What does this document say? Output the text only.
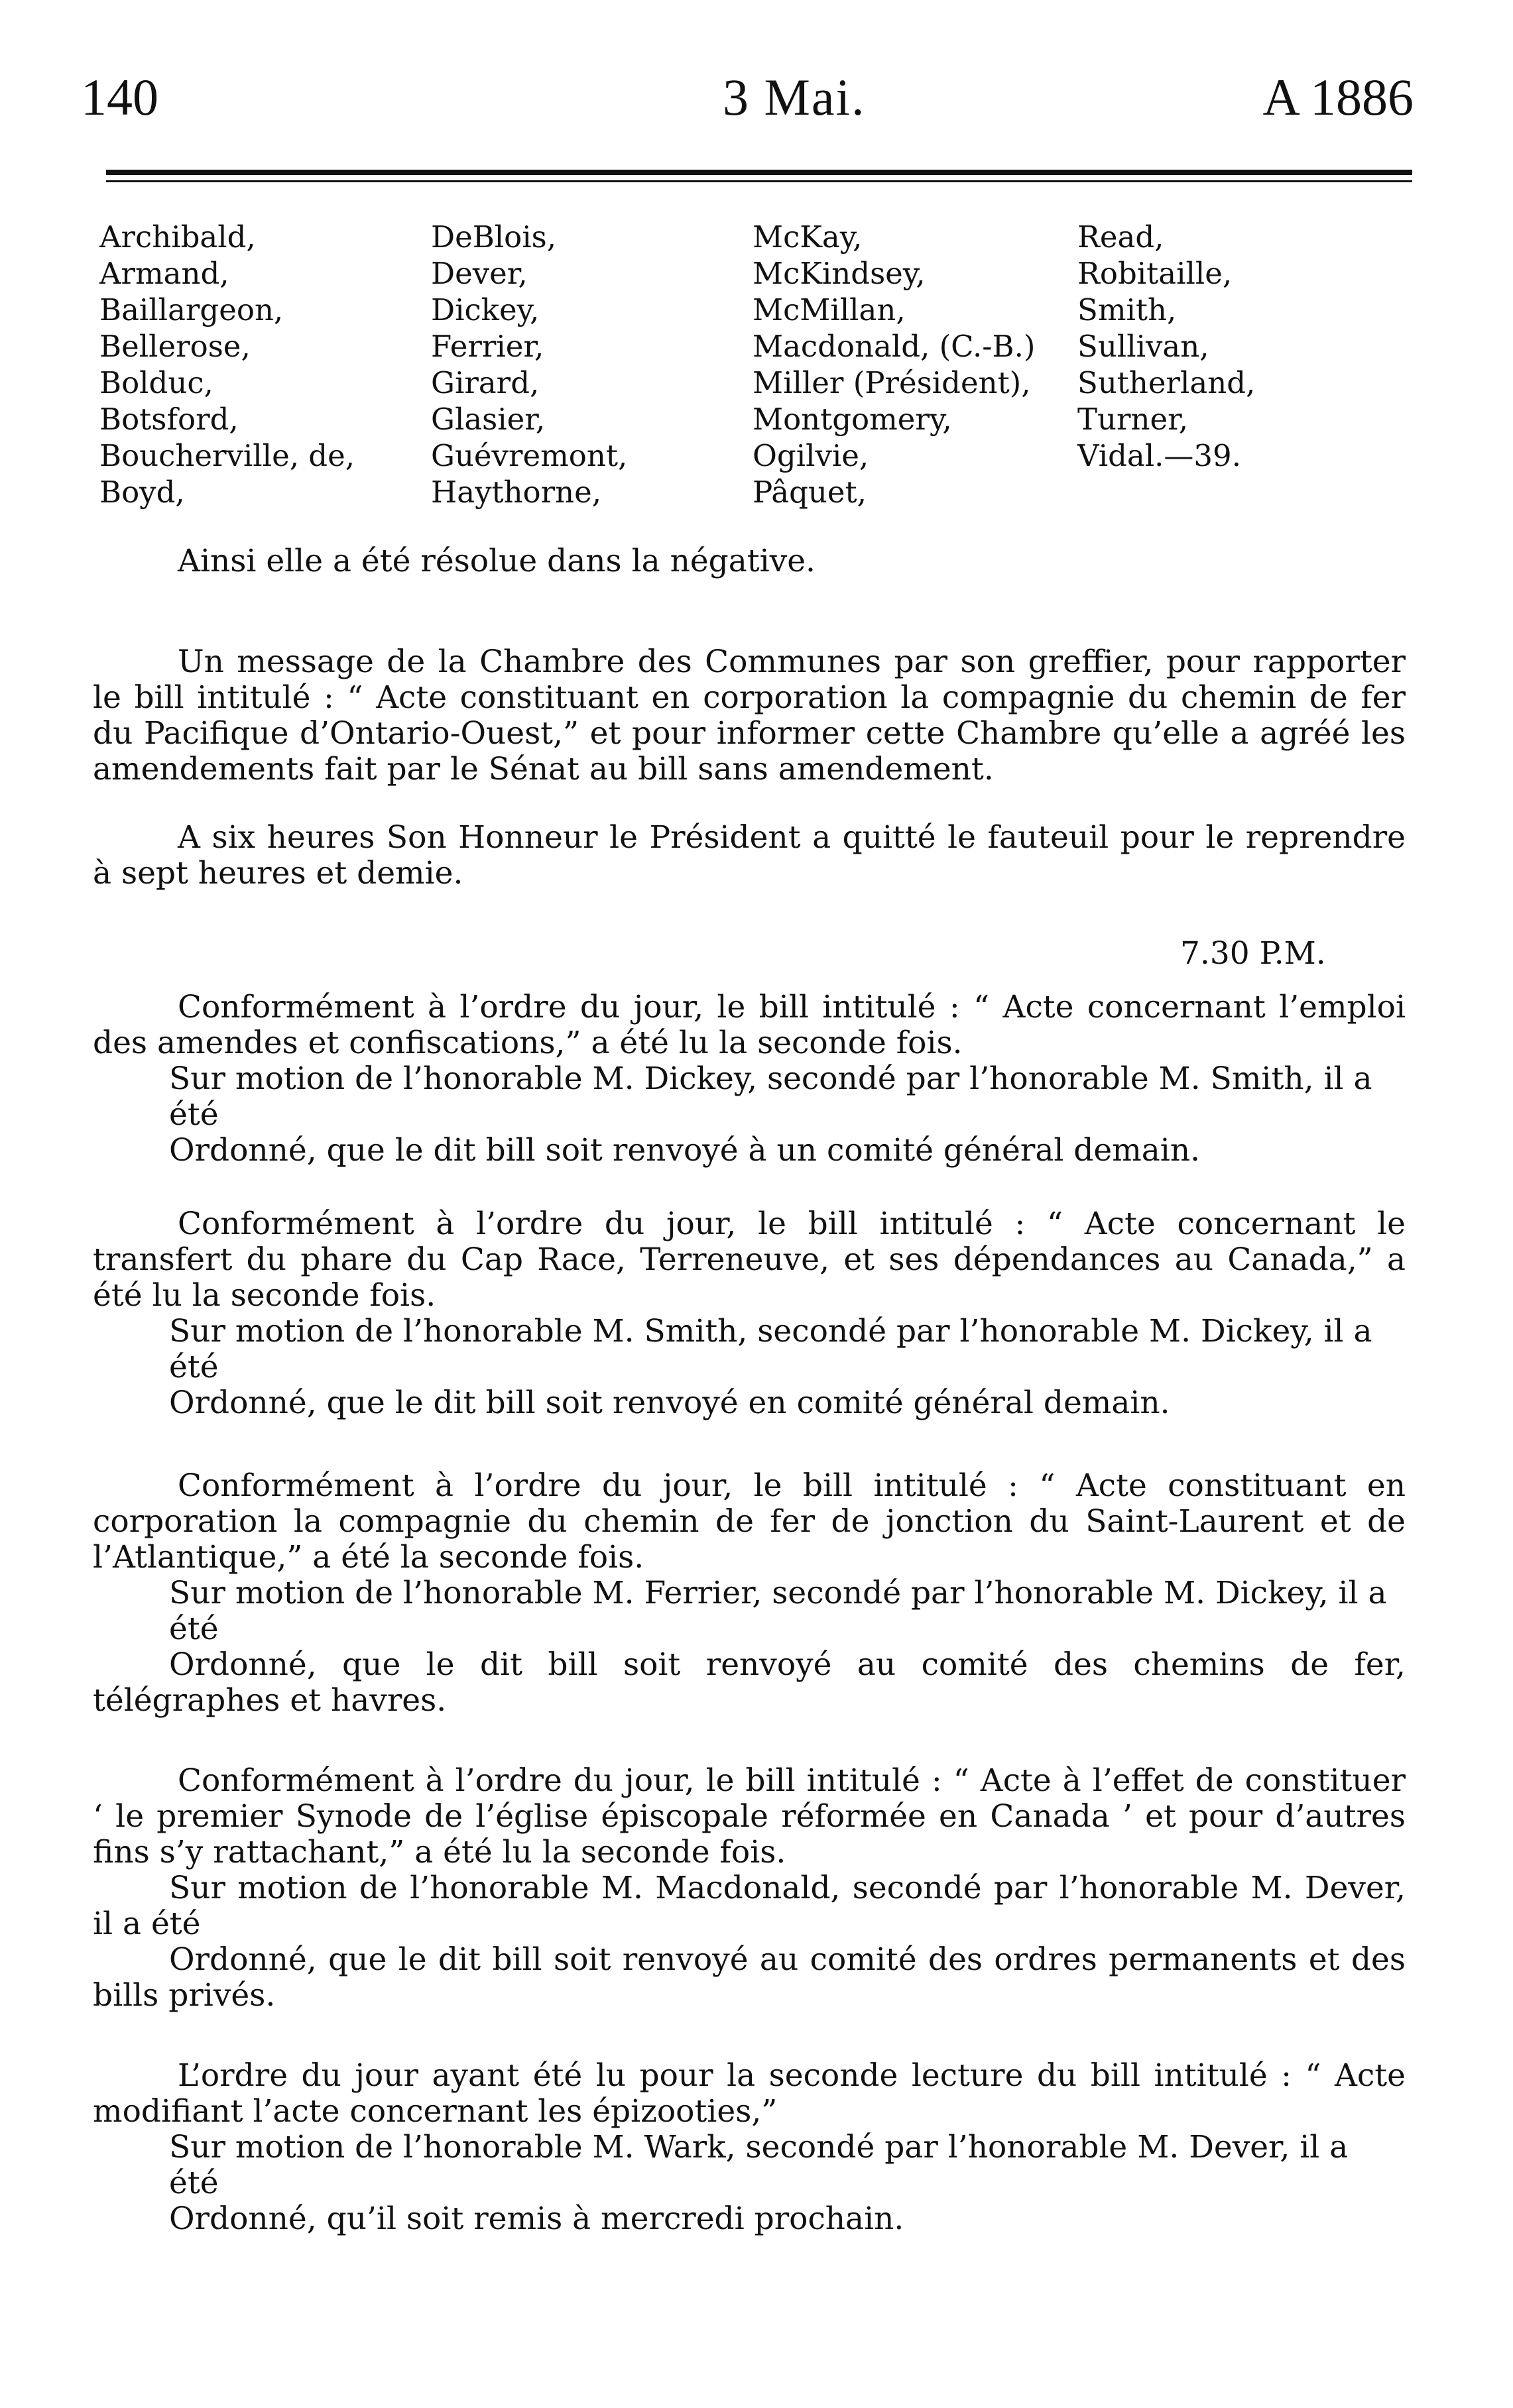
140	3 Mai.	A 1886
Archibald,
Armand,
Baillargeon,
Bellerose,
Bolduc,
Botsford,
Boucherville, de,
Boyd,
DeBlois,
Dever,
Dickey,
Ferrier,
Girard,
Glasier,
Guévremont,
Haythorne,
McKay,
McKindsey,
McMillan,
Macdonald, (C.-B.)
Miller (Président),
Montgomery,
Ogilvie,
Pâquet,
Read,
Robitaille,
Smith,
Sullivan,
Sutherland,
Turner,
Vidal.—39.

Ainsi elle a été résolue dans la négative.

Un message de la Chambre des Communes par son greffier, pour rapporter le bill intitulé : “ Acte constituant en corporation la compagnie du chemin de fer du Pacifique d’Ontario-Ouest,” et pour informer cette Chambre qu’elle a agréé les amendements fait par le Sénat au bill sans amendement.

A six heures Son Honneur le Président a quitté le fauteuil pour le reprendre à sept heures et demie.

7.30 P.M.

Conformément à l’ordre du jour, le bill intitulé : “ Acte concernant l’emploi des amendes et confiscations,” a été lu la seconde fois.

Sur motion de l’honorable M. Dickey, secondé par l’honorable M. Smith, il a été

Ordonné, que le dit bill soit renvoyé à un comité général demain.

Conformément à l’ordre du jour, le bill intitulé : “ Acte concernant le transfert du phare du Cap Race, Terreneuve, et ses dépendances au Canada,” a été lu la seconde fois.

Sur motion de l’honorable M. Smith, secondé par l’honorable M. Dickey, il a été

Ordonné, que le dit bill soit renvoyé en comité général demain.

Conformément à l’ordre du jour, le bill intitulé : “ Acte constituant en corporation la compagnie du chemin de fer de jonction du Saint-Laurent et de l’Atlantique,” a été la seconde fois.

Sur motion de l’honorable M. Ferrier, secondé par l’honorable M. Dickey, il a été

Ordonné, que le dit bill soit renvoyé au comité des chemins de fer, télégraphes et havres.

Conformément à l’ordre du jour, le bill intitulé : “ Acte à l’effet de constituer ‘ le premier Synode de l’église épiscopale réformée en Canada ’ et pour d’autres fins s’y rattachant,” a été lu la seconde fois.

Sur motion de l’honorable M. Macdonald, secondé par l’honorable M. Dever, il a été

Ordonné, que le dit bill soit renvoyé au comité des ordres permanents et des bills privés.

L’ordre du jour ayant été lu pour la seconde lecture du bill intitulé : “ Acte modifiant l’acte concernant les épizooties,”

Sur motion de l’honorable M. Wark, secondé par l’honorable M. Dever, il a été

Ordonné, qu’il soit remis à mercredi prochain.
